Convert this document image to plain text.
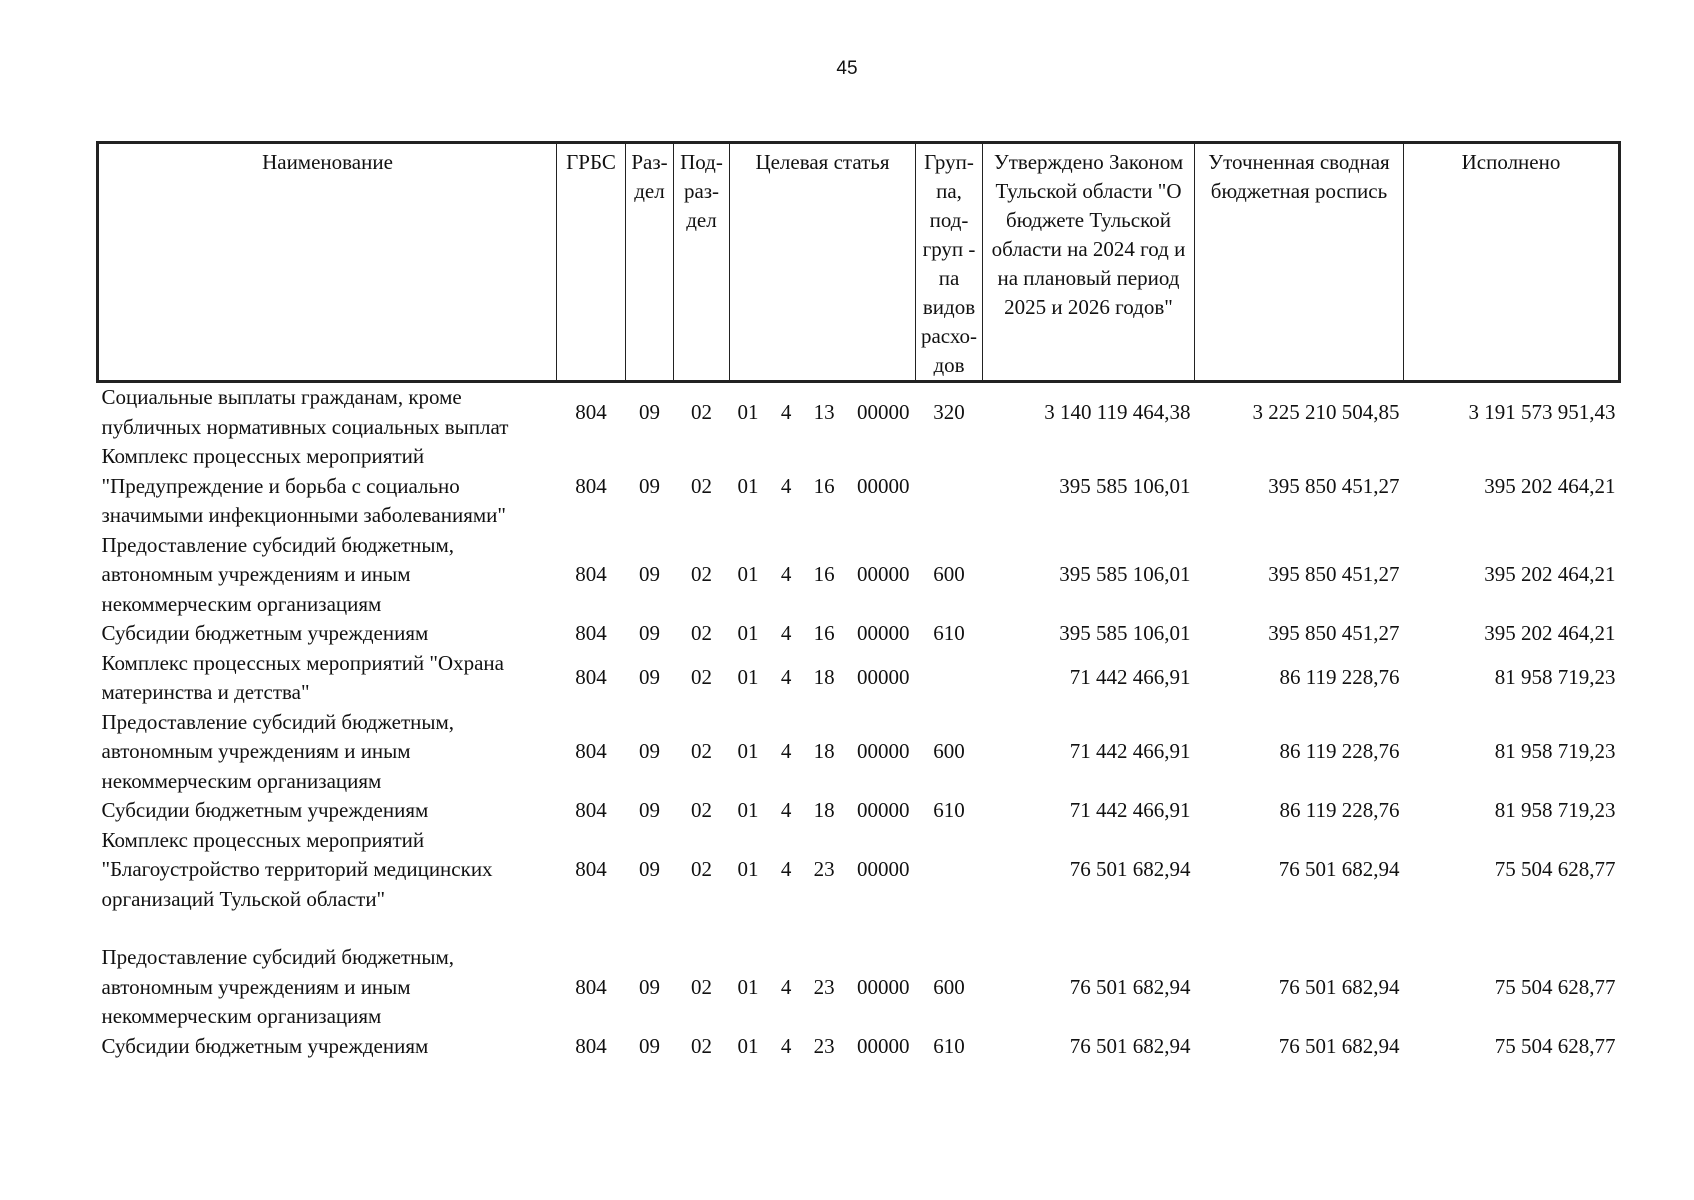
45
Наименование	ГРБС	Раз-дел	Под-раз-дел	Целевая статья	Груп-па, под-груп - па видов расхо-дов	Утверждено Законом Тульской области "О бюджете Тульской области на 2024 год и на плановый период 2025 и 2026 годов"	Уточненная сводная бюджетная роспись	Исполнено
Социальные выплаты гражданам, кроме публичных нормативных социальных выплат	804	09	02	01 4 13 00000	320	3 140 119 464,38	3 225 210 504,85	3 191 573 951,43
Комплекс процессных мероприятий "Предупреждение и борьба с социально значимыми инфекционными заболеваниями"	804	09	02	01 4 16 00000		395 585 106,01	395 850 451,27	395 202 464,21
Предоставление субсидий бюджетным, автономным учреждениям и иным некоммерческим организациям	804	09	02	01 4 16 00000	600	395 585 106,01	395 850 451,27	395 202 464,21
Субсидии бюджетным учреждениям	804	09	02	01 4 16 00000	610	395 585 106,01	395 850 451,27	395 202 464,21
Комплекс процессных мероприятий "Охрана материнства и детства"	804	09	02	01 4 18 00000		71 442 466,91	86 119 228,76	81 958 719,23
Предоставление субсидий бюджетным, автономным учреждениям и иным некоммерческим организациям	804	09	02	01 4 18 00000	600	71 442 466,91	86 119 228,76	81 958 719,23
Субсидии бюджетным учреждениям	804	09	02	01 4 18 00000	610	71 442 466,91	86 119 228,76	81 958 719,23
Комплекс процессных мероприятий "Благоустройство территорий медицинских организаций Тульской области"	804	09	02	01 4 23 00000		76 501 682,94	76 501 682,94	75 504 628,77

Предоставление субсидий бюджетным, автономным учреждениям и иным некоммерческим организациям	804	09	02	01 4 23 00000	600	76 501 682,94	76 501 682,94	75 504 628,77
Субсидии бюджетным учреждениям	804	09	02	01 4 23 00000	610	76 501 682,94	76 501 682,94	75 504 628,77
